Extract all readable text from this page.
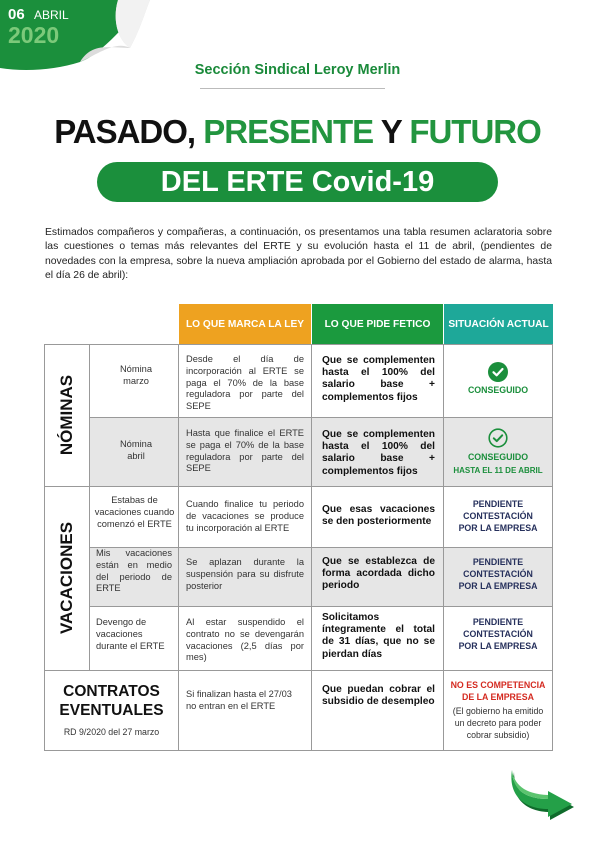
06 ABRIL
2020
Sección Sindical Leroy Merlin
PASADO, PRESENTE Y FUTURO
DEL ERTE Covid-19
Estimados compañeros y compañeras, a continuación, os presentamos una tabla resumen aclaratoria sobre las cuestiones o temas más relevantes del ERTE y su evolución hasta el 11 de abril, (pendientes de novedades con la empresa, sobre la nueva ampliación aprobada por el Gobierno del estado de alarma, hasta el día 26 de abril):
LO QUE MARCA LA LEY	LO QUE PIDE FETICO	SITUACIÓN ACTUAL
NÓMINAS
Nómina marzo
Desde el día de incorporación al ERTE se paga el 70% de la base reguladora por parte del SEPE
Que se complementen hasta el 100% del salario base + complementos fijos
CONSEGUIDO
Nómina abril
Hasta que finalice el ERTE se paga el 70% de la base reguladora por parte del SEPE
Que se complementen hasta el 100% del salario base + complementos fijos
CONSEGUIDO
HASTA EL 11 DE ABRIL
VACACIONES
Estabas de vacaciones cuando comenzó el ERTE
Cuando finalice tu periodo de vacaciones se produce tu incorporación al ERTE
Que esas vacaciones se den posteriormente
PENDIENTE CONTESTACIÓN POR LA EMPRESA
Mis vacaciones están en medio del periodo de ERTE
Se aplazan durante la suspensión para su disfrute posterior
Que se establezca de forma acordada dicho periodo
PENDIENTE CONTESTACIÓN POR LA EMPRESA
Devengo de vacaciones durante el ERTE
Al estar suspendido el contrato no se devengarán vacaciones (2,5 días por mes)
Solicitamos íntegramente el total de 31 días, que no se pierdan días
PENDIENTE CONTESTACIÓN POR LA EMPRESA
CONTRATOS
EVENTUALES
RD 9/2020 del 27 marzo
Si finalizan hasta el 27/03 no entran en el ERTE
Que puedan cobrar el subsidio de desempleo
NO ES COMPETENCIA DE LA EMPRESA
(El gobierno ha emitido un decreto para poder cobrar subsidio)
